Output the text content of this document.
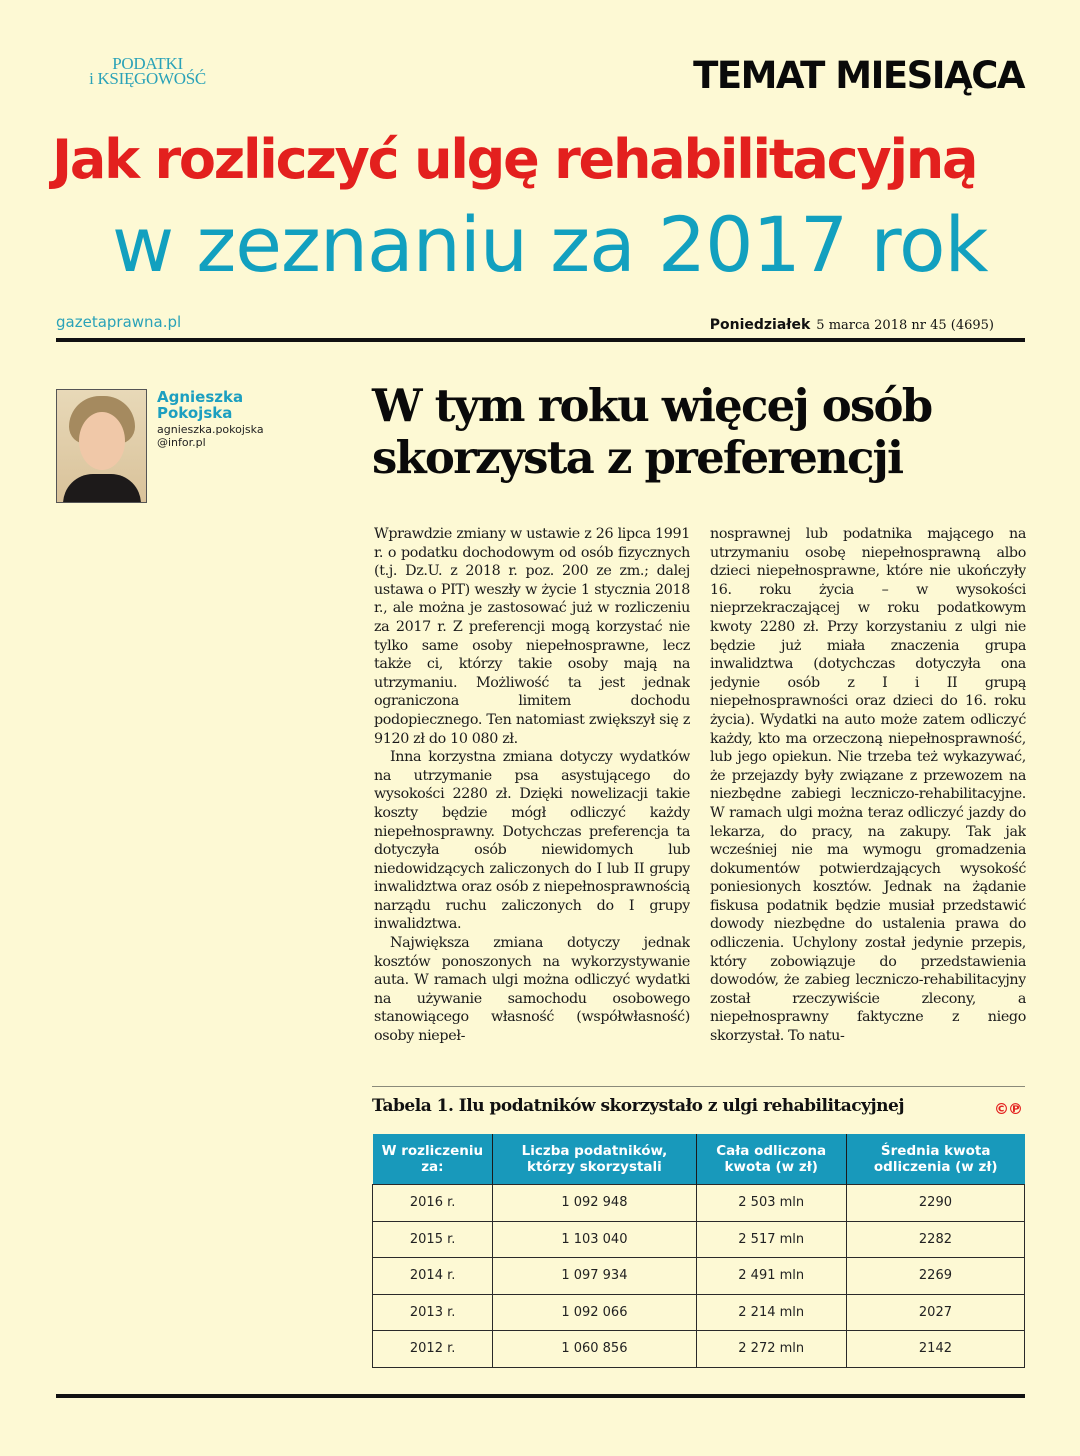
PODATKI
i KSIĘGOWOŚĆ	TEMAT MIESIĄCA
Jak rozliczyć ulgę rehabilitacyjną
w zeznaniu za 2017 rok
gazetaprawna.pl	Poniedziałek 5 marca 2018 nr 45 (4695)
Agnieszka
Pokojska
agnieszka.pokojska
@infor.pl
W tym roku więcej osób
skorzysta z preferencji

Wprawdzie zmiany w ustawie z 26 lipca 1991 r. o podatku dochodowym od osób fizycznych (t.j. Dz.U. z 2018 r. poz. 200 ze zm.; dalej ustawa o PIT) weszły w życie 1 stycznia 2018 r., ale można je zastosować już w rozliczeniu za 2017 r. Z preferencji mogą korzystać nie tylko same osoby niepełnosprawne, lecz także ci, którzy takie osoby mają na utrzymaniu. Możliwość ta jest jednak ograniczona limitem dochodu podopiecznego. Ten natomiast zwiększył się z 9120 zł do 10 080 zł.

Inna korzystna zmiana dotyczy wydatków na utrzymanie psa asystującego do wysokości 2280 zł. Dzięki nowelizacji takie koszty będzie mógł odliczyć każdy niepełnosprawny. Dotychczas preferencja ta dotyczyła osób niewidomych lub niedowidzących zaliczonych do I lub II grupy inwalidztwa oraz osób z niepełnosprawnością narządu ruchu zaliczonych do I grupy inwalidztwa.

Największa zmiana dotyczy jednak kosztów ponoszonych na wykorzystywanie auta. W ramach ulgi można odliczyć wydatki na używanie samochodu osobowego stanowiącego własność (współwłasność) osoby niepeł-

nosprawnej lub podatnika mającego na utrzymaniu osobę niepełnosprawną albo dzieci niepełnosprawne, które nie ukończyły 16. roku życia – w wysokości nieprzekraczającej w roku podatkowym kwoty 2280 zł. Przy korzystaniu z ulgi nie będzie już miała znaczenia grupa inwalidztwa (dotychczas dotyczyła ona jedynie osób z I i II grupą niepełnosprawności oraz dzieci do 16. roku życia). Wydatki na auto może zatem odliczyć każdy, kto ma orzeczoną niepełnosprawność, lub jego opiekun. Nie trzeba też wykazywać, że przejazdy były związane z przewozem na niezbędne zabiegi leczniczo-rehabilitacyjne. W ramach ulgi można teraz odliczyć jazdy do lekarza, do pracy, na zakupy. Tak jak wcześniej nie ma wymogu gromadzenia dokumentów potwierdzających wysokość poniesionych kosztów. Jednak na żądanie fiskusa podatnik będzie musiał przedstawić dowody niezbędne do ustalenia prawa do odliczenia. Uchylony został jedynie przepis, który zobowiązuje do przedstawienia dowodów, że zabieg leczniczo-rehabilitacyjny został rzeczywiście zlecony, a niepełnosprawny faktyczne z niego skorzystał. To natu-

Tabela 1. Ilu podatników skorzystało z ulgi rehabilitacyjnej	©℗
W rozliczeniu za:	Liczba podatników, którzy skorzystali	Cała odliczona kwota (w zł)	Średnia kwota odliczenia (w zł)
2016 r.	1 092 948	2 503 mln	2290
2015 r.	1 103 040	2 517 mln	2282
2014 r.	1 097 934	2 491 mln	2269
2013 r.	1 092 066	2 214 mln	2027
2012 r.	1 060 856	2 272 mln	2142
